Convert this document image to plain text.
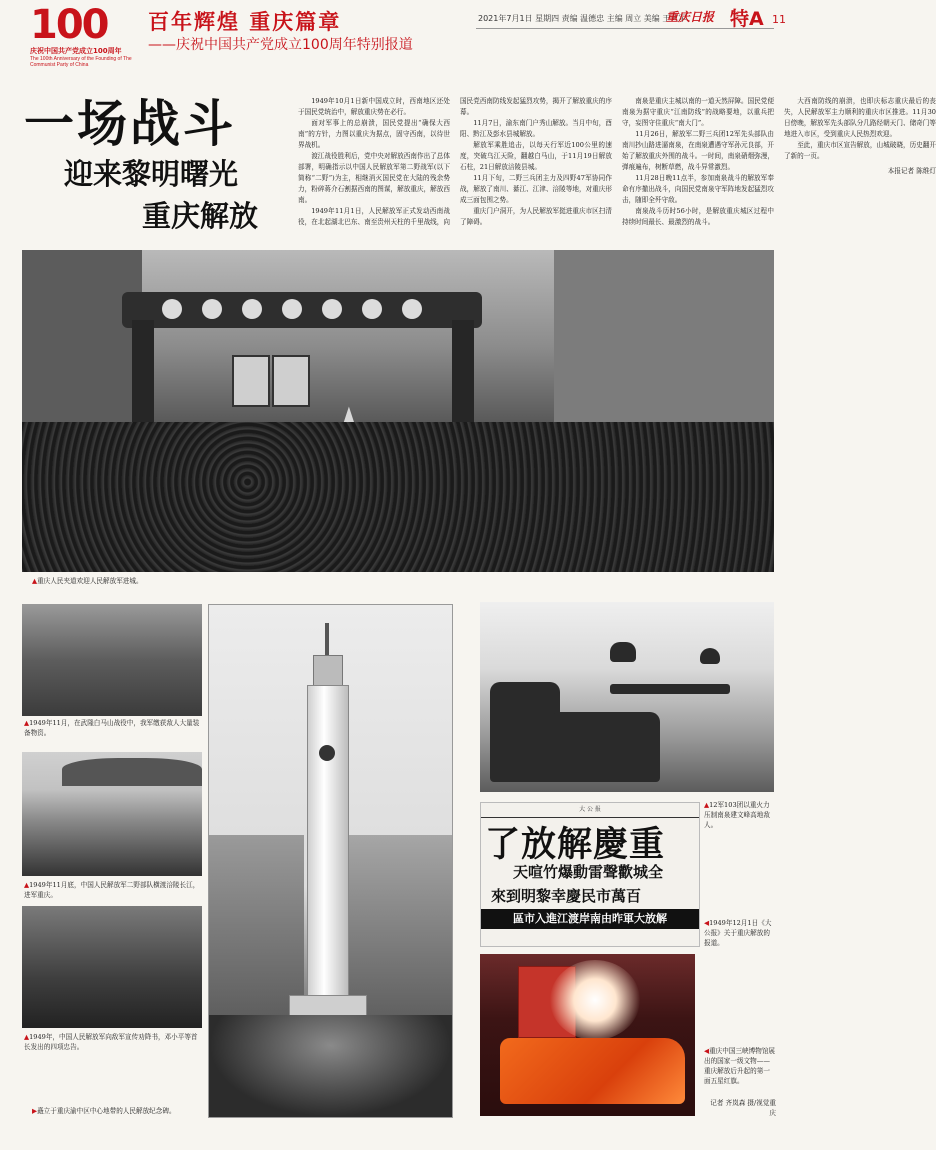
100
庆祝中国共产党成立100周年
The 100th Anniversary of the Founding of The Communist Party of China
百年辉煌 重庆篇章
——庆祝中国共产党成立100周年特别报道
2021年7月1日 星期四 责编 温德忠 主编 周立 美编 王艺军
重庆日报 特A 11
一场战斗
迎来黎明曙光
重庆解放

1949年10月1日新中国成立时，西南地区还处于国民党统治中，解放重庆势在必行。

面对军事上的总崩溃，国民党提出“确保大西南”的方针，力图以重庆为据点，固守西南，以待世界战机。

渡江战役胜利后，党中央对解放西南作出了总体部署，明确指示以中国人民解放军第二野战军(以下简称“二野”)为主，相继消灭国民党在大陆的残余势力，粉碎蒋介石割据西南的图谋，解放重庆，解放西南。

1949年11月1日，人民解放军正式发动西南战役，在北起湖北巴东、南至贵州天柱的千里战线，向国民党西南防线发起猛烈攻势，揭开了解放重庆的序幕。

11月7日，渝东南门户秀山解放。当月中旬，酉阳、黔江及彭水县城解放。

解放军乘胜追击，以每天行军近100公里的速度，突破乌江天险，翻越白马山，于11月19日解放石柱，21日解放涪陵县城。

11月下旬，二野三兵团主力及四野47军协同作战，解放了南川、綦江、江津、涪陵等地，对重庆形成三面包围之势。

重庆门户洞开，为人民解放军挺进重庆市区扫清了障碍。

南泉是重庆主城以南的一道天然屏障。国民党便南泉为据守重庆“江南防线”的战略要地，以重兵把守，妄图守住重庆“南大门”。

11月26日，解放军二野三兵团12军先头部队由南川抄山路进逼南泉，在南泉遭遇守军孙元良部，开始了解放重庆外围的战斗。一时间，南泉硝烟弥漫，弹痕遍布，树断草燃，战斗异常激烈。

11月28日晚11点半，参加南泉战斗的解放军奉命有序撤出战斗，向国民党南泉守军阵地发起猛烈攻击，随即全歼守敌。

南泉战斗历时56小时，是解放重庆城区过程中持续时间最长、最激烈的战斗。

大西南防线的崩溃，也即庆标志重庆最后的丧失，人民解放军主力顺利的重庆市区推进。11月30日傍晚，解放军先头部队分几路经朝天门、储奇门等地进入市区，受到重庆人民热烈欢迎。

至此，重庆市区宣告解放，山城破晓，历史翻开了新的一页。

本报记者 陈维灯

▲重庆人民夹道欢迎人民解放军进城。
▲1949年11月，在武隆白马山战役中，我军缴获敌人大量装备物资。
▲1949年11月底，中国人民解放军二野部队横渡涪陵长江，进军重庆。
▲1949年，中国人民解放军向敌军宣传劝降书，邓小平等首长发出的四项忠告。
▶矗立于重庆渝中区中心地带的人民解放纪念碑。
▲12军103团以重火力压制南泉建文峰高地敌人。
大 公 报
了放解慶重
天喧竹爆動雷聲歡城全
來到明黎幸慶民市萬百
區市入進江渡岸南由昨軍大放解	◀1949年12月1日《大公报》关于重庆解放的报道。
◀重庆中国三峡博物馆展出的国家一级文物——重庆解放后升起的第一面五星红旗。
记者 齐岚森 摄/视觉重庆
